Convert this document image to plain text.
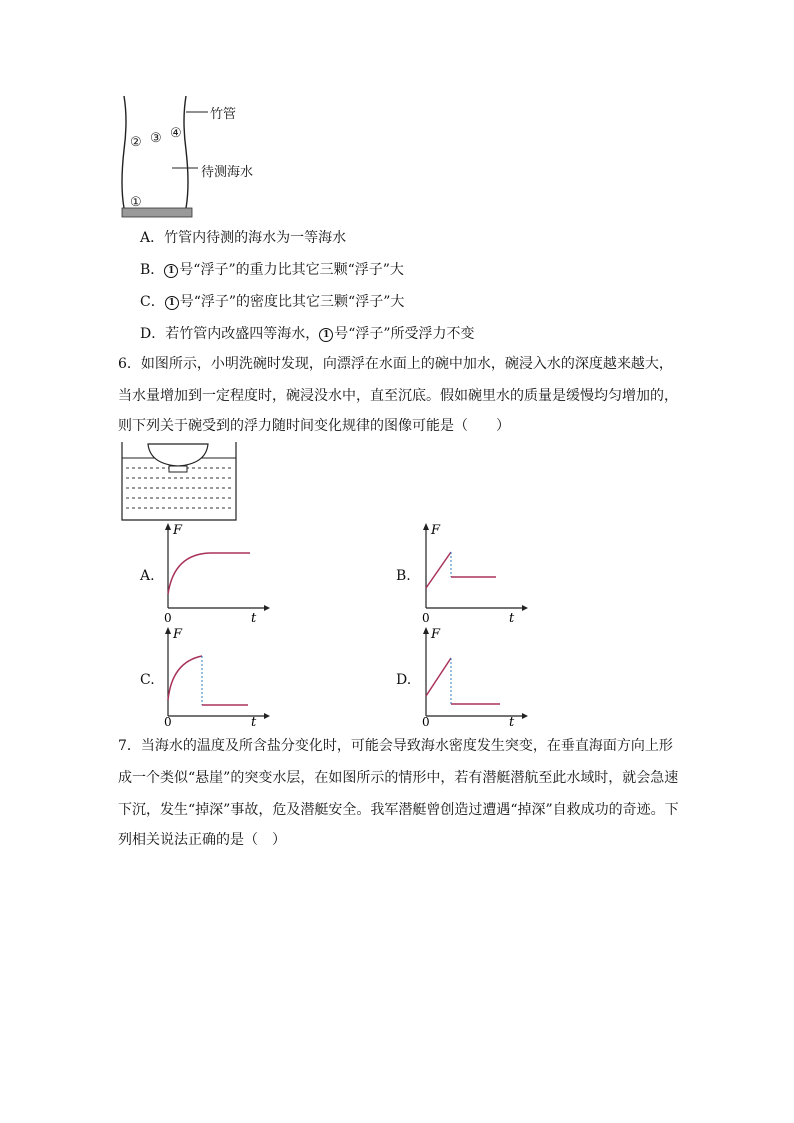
①
② ③ ④
竹管
待测海水
A．竹管内待测的海水为一等海水
B． 1 号“浮子”的重力比其它三颗“浮子”大
C． 1 号“浮子”的密度比其它三颗“浮子”大
D．若竹管内改盛四等海水， 1 号“浮子”所受浮力不变
6．如图所示，小明洗碗时发现，向漂浮在水面上的碗中加水，碗浸入水的深度越来越大，
当水量增加到一定程度时，碗浸没水中，直至沉底。假如碗里水的质量是缓慢均匀增加的，
则下列关于碗受到的浮力随时间变化规律的图像可能是（　　）
A.
F
t
0
B.
F
t
0
C.
F
t
0
D.
F
t
0
7．当海水的温度及所含盐分变化时，可能会导致海水密度发生突变，在垂直海面方向上形
成一个类似“悬崖”的突变水层，在如图所示的情形中，若有潜艇潜航至此水域时，就会急速
下沉，发生“掉深”事故，危及潜艇安全。我军潜艇曾创造过遭遇“掉深”自救成功的奇迹。下
列相关说法正确的是（　）
